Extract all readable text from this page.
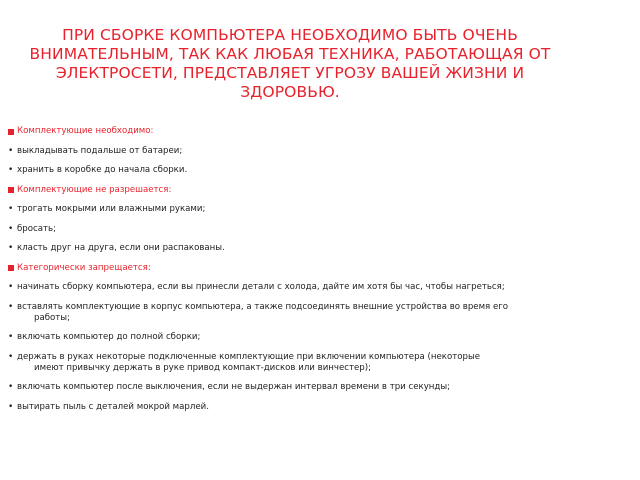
ПРИ СБОРКЕ КОМПЬЮТЕРА НЕОБХОДИМО БЫТЬ ОЧЕНЬ ВНИМАТЕЛЬНЫМ, ТАК КАК ЛЮБАЯ ТЕХНИКА, РАБОТАЮЩАЯ ОТ ЭЛЕКТРОСЕТИ, ПРЕДСТАВЛЯЕТ УГРОЗУ ВАШЕЙ ЖИЗНИ И ЗДОРОВЬЮ.
Комплектующие необходимо:
• выкладывать подальше от батареи;
• хранить в коробке до начала сборки.
Комплектующие не разрешается:
• трогать мокрыми или влажными руками;
• бросать;
• класть друг на друга, если они распакованы.
Категорически запрещается:
• начинать сборку компьютера, если вы принесли детали с холода, дайте им хотя бы час, чтобы нагреться;
• вставлять комплектующие в корпус компьютера, а также подсоединять внешние устройства во время его
работы;
• включать компьютер до полной сборки;
• держать в руках некоторые подключенные комплектующие при включении компьютера (некоторые
имеют привычку держать в руке привод компакт-дисков или винчестер);
• включать компьютер после выключения, если не выдержан интервал времени в три секунды;
• вытирать пыль с деталей мокрой марлей.
